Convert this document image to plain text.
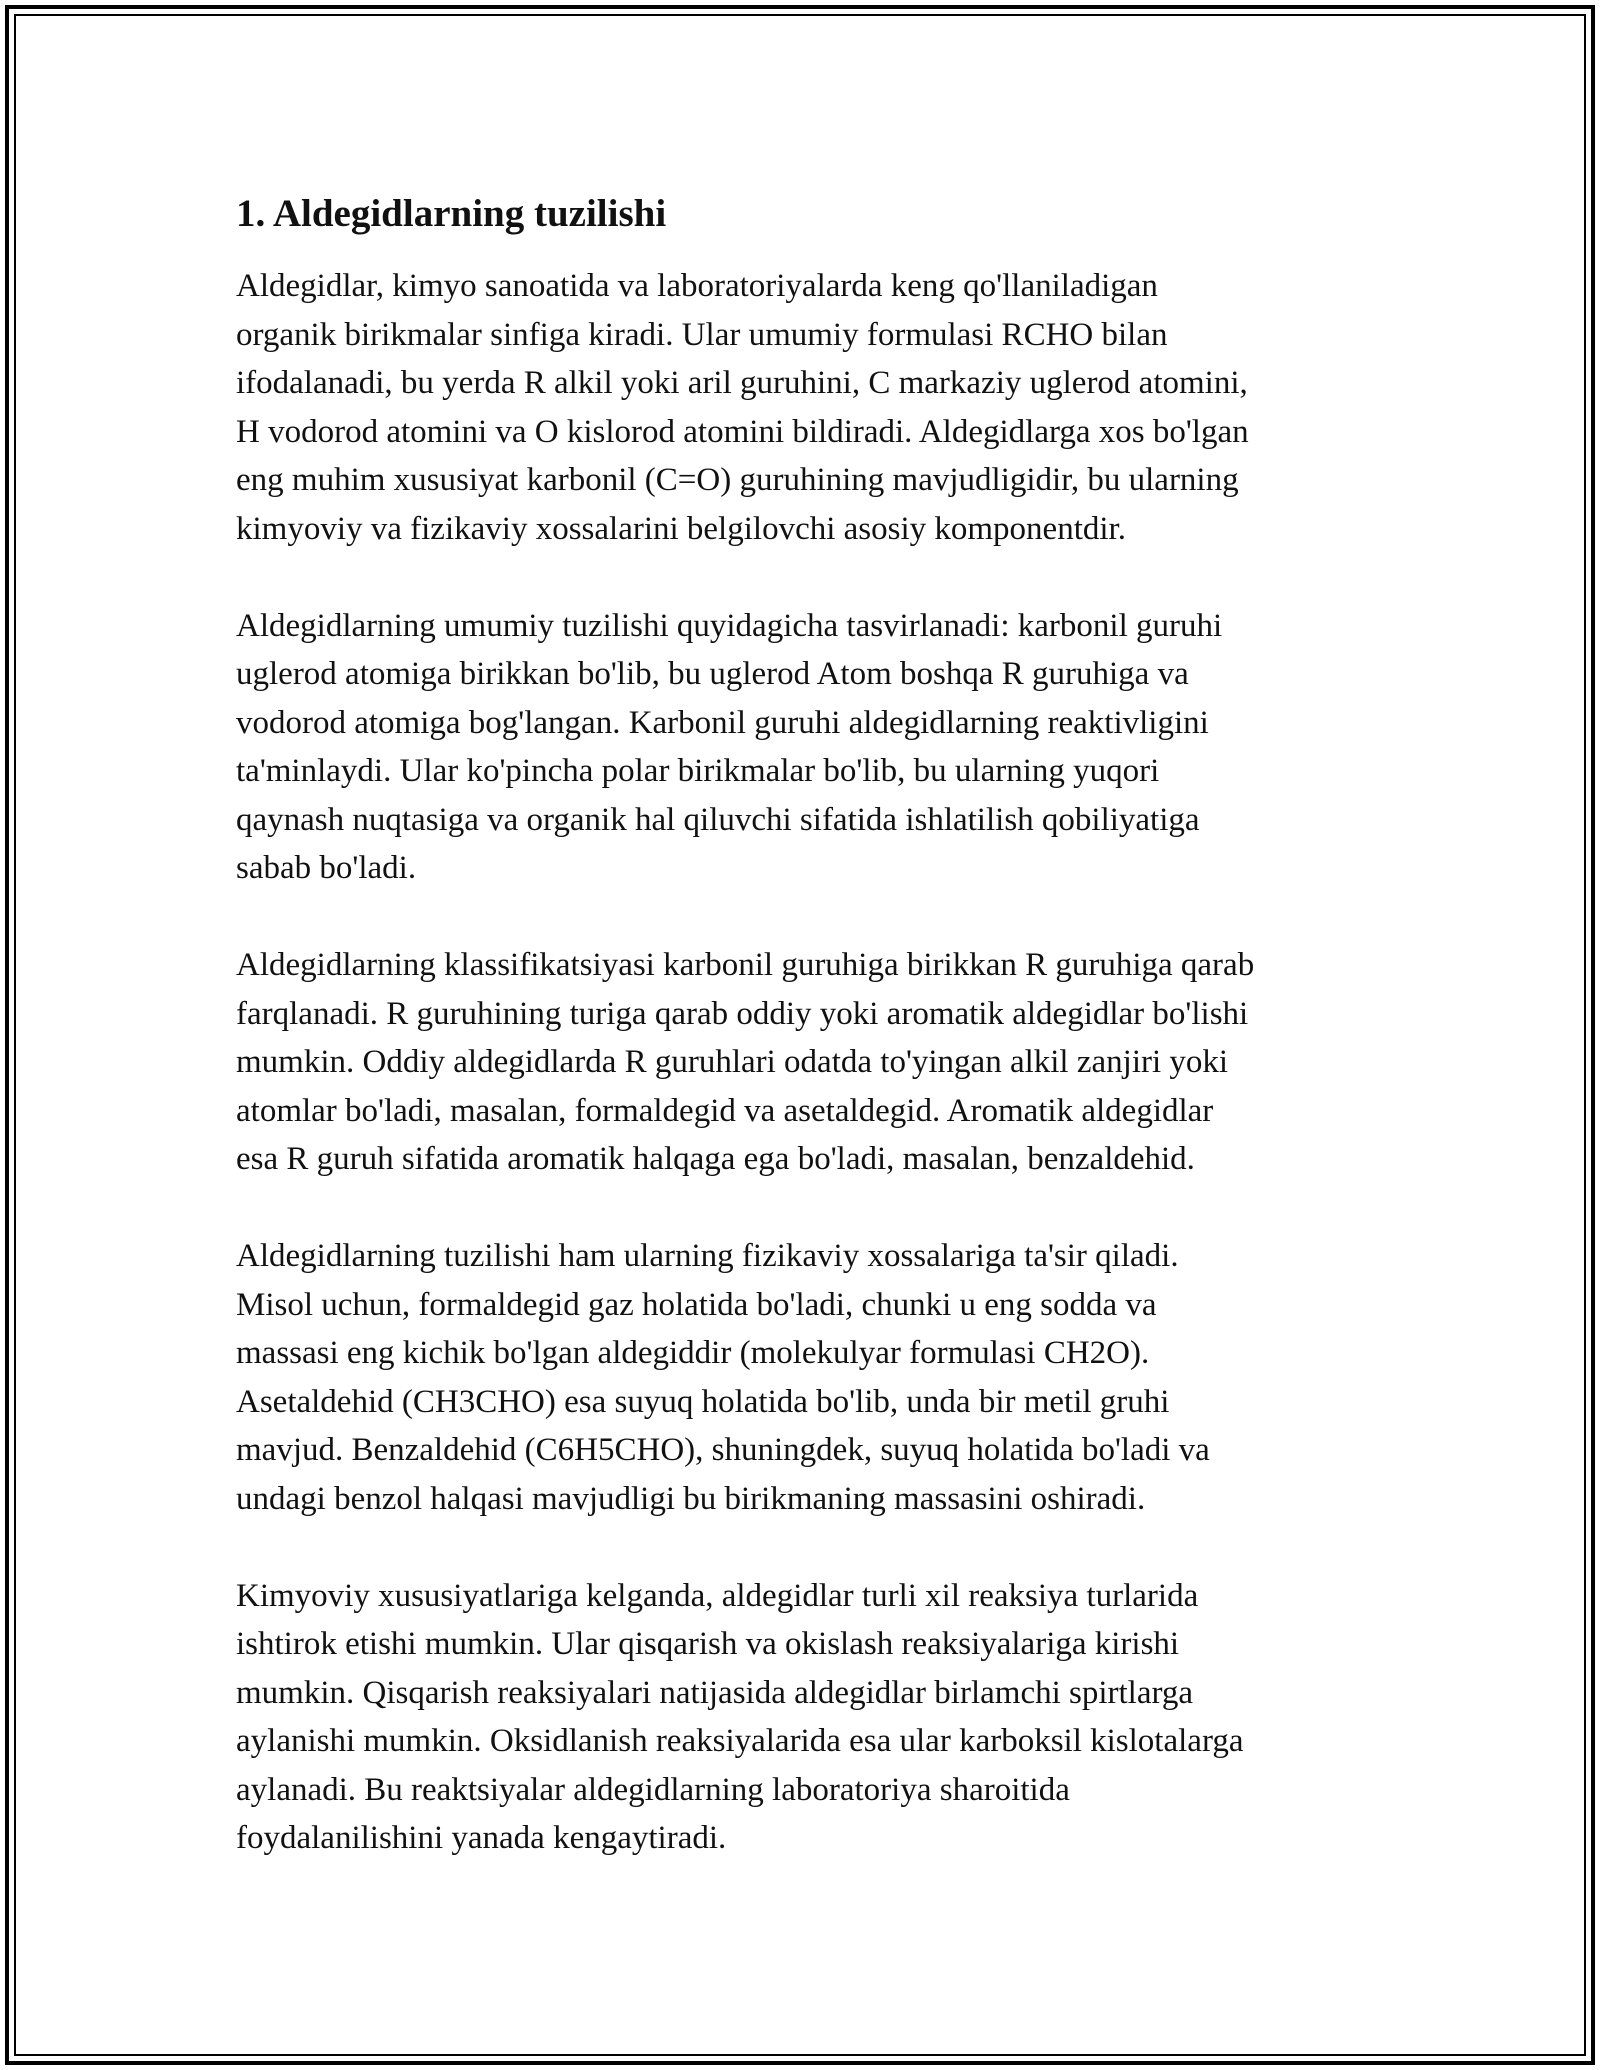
1. Aldegidlarning tuzilishi

Aldegidlar, kimyo sanoatida va laboratoriyalarda keng qo'llaniladigan
organik birikmalar sinfiga kiradi. Ular umumiy formulasi RCHO bilan
ifodalanadi, bu yerda R alkil yoki aril guruhini, C markaziy uglerod atomini,
H vodorod atomini va O kislorod atomini bildiradi. Aldegidlarga xos bo'lgan
eng muhim xususiyat karbonil (C=O) guruhining mavjudligidir, bu ularning
kimyoviy va fizikaviy xossalarini belgilovchi asosiy komponentdir.

Aldegidlarning umumiy tuzilishi quyidagicha tasvirlanadi: karbonil guruhi
uglerod atomiga birikkan bo'lib, bu uglerod Atom boshqa R guruhiga va
vodorod atomiga bog'langan. Karbonil guruhi aldegidlarning reaktivligini
ta'minlaydi. Ular ko'pincha polar birikmalar bo'lib, bu ularning yuqori
qaynash nuqtasiga va organik hal qiluvchi sifatida ishlatilish qobiliyatiga
sabab bo'ladi.

Aldegidlarning klassifikatsiyasi karbonil guruhiga birikkan R guruhiga qarab
farqlanadi. R guruhining turiga qarab oddiy yoki aromatik aldegidlar bo'lishi
mumkin. Oddiy aldegidlarda R guruhlari odatda to'yingan alkil zanjiri yoki
atomlar bo'ladi, masalan, formaldegid va asetaldegid. Aromatik aldegidlar
esa R guruh sifatida aromatik halqaga ega bo'ladi, masalan, benzaldehid.

Aldegidlarning tuzilishi ham ularning fizikaviy xossalariga ta'sir qiladi.
Misol uchun, formaldegid gaz holatida bo'ladi, chunki u eng sodda va
massasi eng kichik bo'lgan aldegiddir (molekulyar formulasi CH2O).
Asetaldehid (CH3CHO) esa suyuq holatida bo'lib, unda bir metil gruhi
mavjud. Benzaldehid (C6H5CHO), shuningdek, suyuq holatida bo'ladi va
undagi benzol halqasi mavjudligi bu birikmaning massasini oshiradi.

Kimyoviy xususiyatlariga kelganda, aldegidlar turli xil reaksiya turlarida
ishtirok etishi mumkin. Ular qisqarish va okislash reaksiyalariga kirishi
mumkin. Qisqarish reaksiyalari natijasida aldegidlar birlamchi spirtlarga
aylanishi mumkin. Oksidlanish reaksiyalarida esa ular karboksil kislotalarga
aylanadi. Bu reaktsiyalar aldegidlarning laboratoriya sharoitida
foydalanilishini yanada kengaytiradi.
